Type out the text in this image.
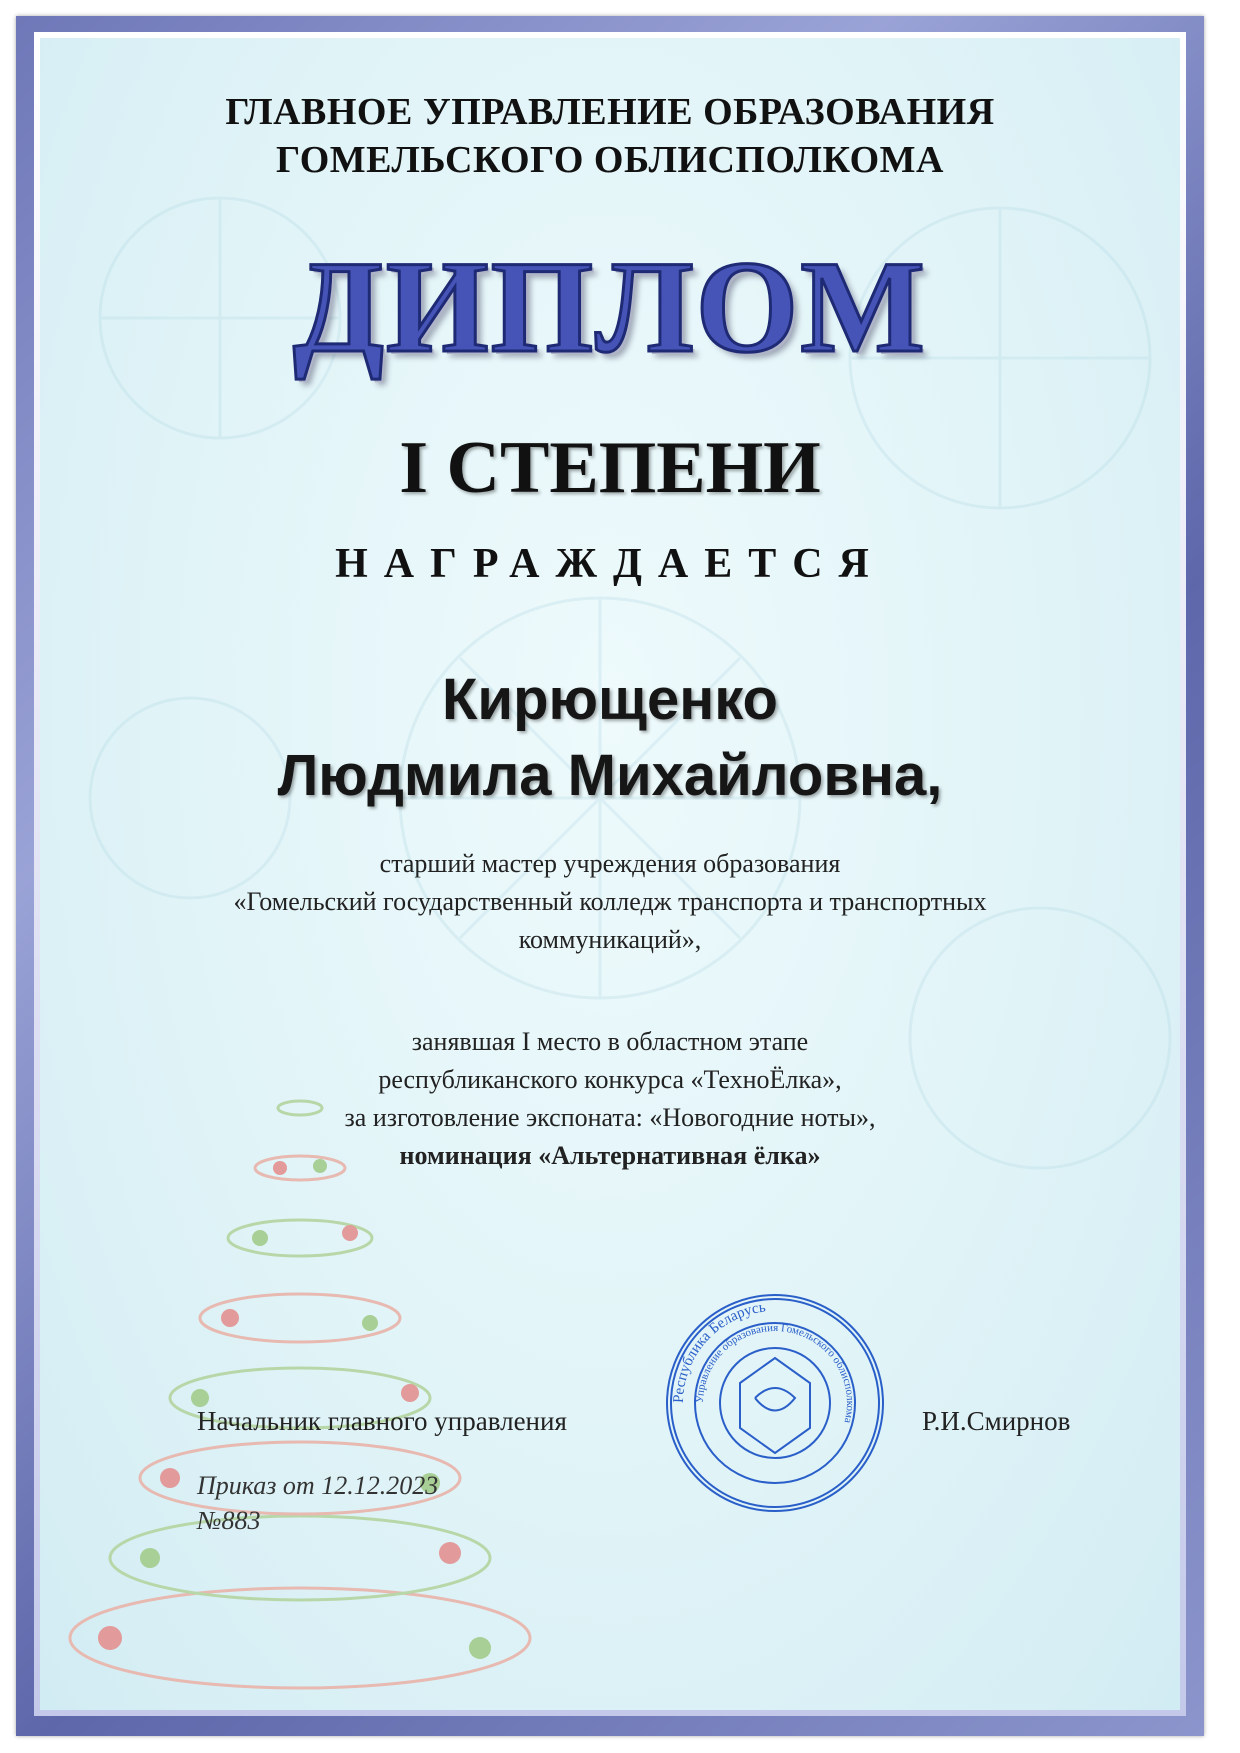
ГЛАВНОЕ УПРАВЛЕНИЕ ОБРАЗОВАНИЯ
ГОМЕЛЬСКОГО ОБЛИСПОЛКОМА
ДИПЛОМ
I СТЕПЕНИ
НАГРАЖДАЕТСЯ
Кирющенко
Людмила Михайловна,
старший мастер учреждения образования
«Гомельский государственный колледж транспорта и транспортных
коммуникаций»,
занявшая I место в областном этапе
республиканского конкурса «ТехноЁлка»,
за изготовление экспоната: «Новогодние ноты»,
номинация «Альтернативная ёлка»
Начальник главного управления	Р.И.Смирнов
Республика Беларусь
Управление образования Гомельского облисполкома
Приказ от 12.12.2023
№883
